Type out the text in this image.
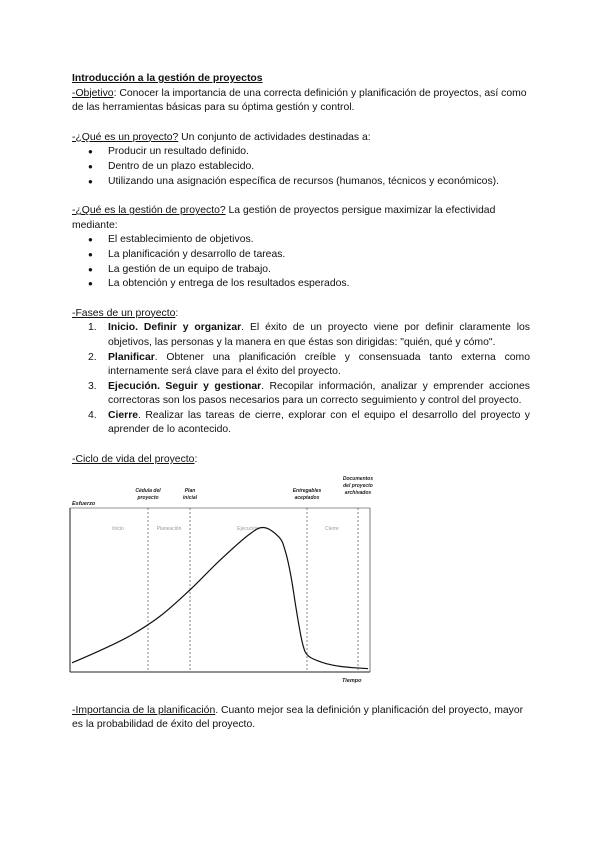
Introducción a la gestión de proyectos

-Objetivo: Conocer la importancia de una correcta definición y planificación de proyectos, así como de las herramientas básicas para su óptima gestión y control.

-¿Qué es un proyecto? Un conjunto de actividades destinadas a:

● Producir un resultado definido.
● Dentro de un plazo establecido.
● Utilizando una asignación específica de recursos (humanos, técnicos y económicos).

-¿Qué es la gestión de proyecto? La gestión de proyectos persigue maximizar la efectividad mediante:

● El establecimiento de objetivos.
● La planificación y desarrollo de tareas.
● La gestión de un equipo de trabajo.
● La obtención y entrega de los resultados esperados.

-Fases de un proyecto:

1. Inicio. Definir y organizar. El éxito de un proyecto viene por definir claramente los objetivos, las personas y la manera en que éstas son dirigidas: "quién, qué y cómo".
2. Planificar. Obtener una planificación creíble y consensuada tanto externa como internamente será clave para el éxito del proyecto.
3. Ejecución. Seguir y gestionar. Recopilar información, analizar y emprender acciones correctoras son los pasos necesarios para un correcto seguimiento y control del proyecto.
4. Cierre. Realizar las tareas de cierre, explorar con el equipo el desarrollo del proyecto y aprender de lo acontecido.

-Ciclo de vida del proyecto:

Esfuerzo
Tiempo
Cédula del proyecto
Plan inicial
Entregables aceptados
Documentos del proyecto archivados
Inicio	Planeación	Ejecución	Cierre

-Importancia de la planificación. Cuanto mejor sea la definición y planificación del proyecto, mayor es la probabilidad de éxito del proyecto.
